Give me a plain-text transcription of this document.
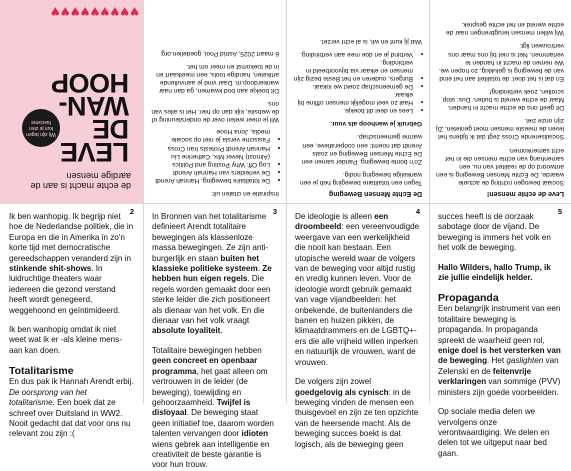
de echte macht is aan de aardige mensen
LEVE
DE
WAN-
HOOP
Wij zijn tegen kun je zien fascisme
♥♥♥♥♥♥♥♥♥

Inspiratie en citaten uit:

• De totalitaire beweging, Hannah Arendt
• De verleiders van Hannah Arendt
• Log Off: Why Posting and Politics (Almost) Never Mix, Catherine Liu
• Hannah Arendt Protests Iran Cross
• Fasiscme versla je niet op sociale media, Jona Hooe

Wil je meer weten over de ondersteuning of de website, kijk dan op hier. Het is alles van ons.

Dit boekje aan bod kwamen, ga dan naar wankerdoop.nl. Daar vind je aanvullende artikelen, handige tools, een meetkaart en in de toekomst en meer om het.

6 maart 2025, Astrid Pool, goedellen.org

De Echte Mensen Beweging

Tegen een totalitaire beweging heb je een wankelige beweging nodig.

Zo'n bonte beweging. Pander samen een De Echte Mensen Beweging en zoals Arendt dat noemt: een coöperatieve, een warme gemeenschap.

Gebruik je wanhoop als vuur.

• Lees en deel dit boekje.
• Haal zo veel mogelijk mensen offline bij elkaar.
• De gemeenschap zoekt we lokaal.
• Burgers, ouderen en het Beste bezig zijn mensen en elkaar via bijvoorbeeld in verbinding.
• Verbind je en doe mee aan verbinding.

Wat jij kunt en wil, is al echt verzet.

Leve de echte mensen!

Sociaal bewogen richting de actuele waarde. De Echte Mensen Beweging is een antwoord op de realiteit van nu, een samenhang van echte mensen die in het echt samenkomen.

Socialiserende Cross zegt dat ik tijdens het leven de meeste mensen moet genieten. Zij zijn onze ziel.

Dit geeft ons de echte macht in handen. Maar de echte wereld is buiten. Dus: stop scrollen, zoek verbinding!

En dat is het doel: de totaliteit aan het eind van de beweging is gelukkig, zo hopen we. We nemen de macht in handen te verlammen. Net is niet bij ons maar ons vertrouwen ligt.

Wij willen mensen terugbrengen naar de echte wereld en het echte gesprek.

2

Ik ben wanhopig. Ik begrijp niet hoe de Nederlandse politiek, die in Europa en die in Amerika in zo'n korte tijd met democratische gereedschappen veranderd zijn in stinkende shit-shows. In luidruchtige theaters waar iedereen die gezond verstand heeft wordt genegeerd, weggehoond en geïntimideerd.

Ik ben wanhopig omdat ik niet weet wat ik er -als kleine mens- aan kan doen.

Totalitarisme

En dus pak ik Hannah Arendt erbij. De oorsprong van het totalitarisme. Een boek dat ze schreef over Duitsland in WW2. Nooit gedacht dat dat voor ons nu relevant zou zijn :(

3

In Bronnen van het totalitarisme definieert Arendt totalitaire bewegingen als klassenloze massa bewegingen. Ze zijn anti-burgerlijk en staan buiten het klassieke politieke systeem. Ze hebben hun eigen regels. Die regels worden gemaakt door een sterke leider die zich positioneert als dienaar van het volk. En die dienaar van het volk vraagt absolute loyaliteit.

Totalitaire bewegingen hebben geen concreet en openbaar programma, het gaat alleen om vertrouwen in de leider (de beweging), toewijding en gehoorzaamheid. Twijfel is disloyaal. De beweging staat geen initiatief toe, daarom worden talenten vervangen door idioten wiens gebrek aan intelligentie en creativiteit de beste garantie is voor hun trouw.

4

De ideologie is alleen een droombeeld: een vereenvoudigde weergave van een werkelijkheid die nooit kan bestaan. Een utopische wereld waar de volgers van de beweging voor altijd rustig en vredig kunnen leven. Voor de ideologie wordt gebruik gemaakt van vage vijandbeelden: het onbekende, de buitenlanders die banen en huizen pikken, de klimaatdrammers en de LGBTQ+-ers die alle vrijheid willen inperken en natuurlijk de vrouwen, want de vrouwen.

De volgers zijn zowel goedgelovig als cynisch: in de beweging vinden de mensen een thuisgevoel en zijn ze ten opzichte van de heersende macht. Als de beweging succes boekt is dat logisch, als de beweging geen

5

succes heeft is de oorzaak sabotage door de vijand. De beweging is immers het volk en het volk de beweging.

Hallo Wilders, hallo Trump, ik zie jullie eindelijk helder.

Propaganda

Een belangrijk instrument van een totalitaire beweging is propaganda. In propaganda spreekt de waarheid geen rol, enige doel is het versterken van de beweging. Het gaslighten van Zelenski en de feitenvrije verklaringen van sommige (PVV) ministers zijn goede voorbeelden.

Op sociale media delen we vervolgens onze verontwaardiging. We delen en delen tot we uitgeput naar bed gaan.
